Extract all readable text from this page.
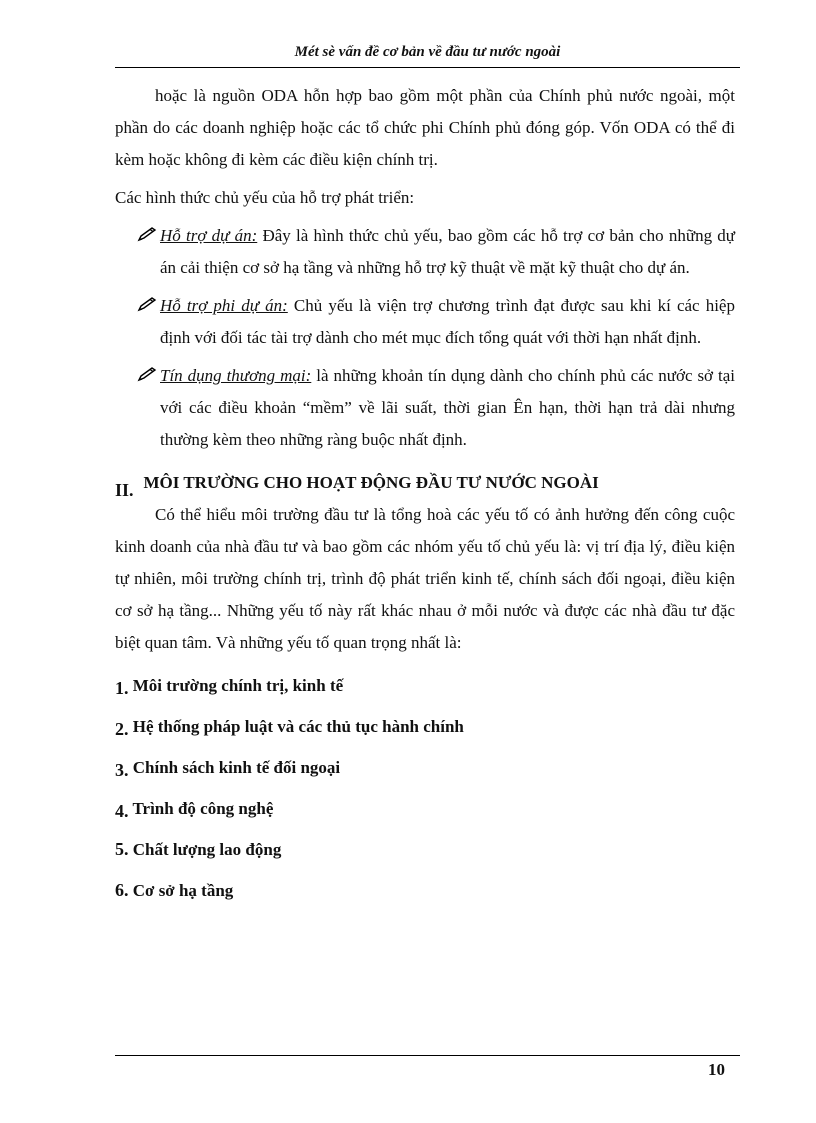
Mét sè vấn đề cơ bản về đầu tư nước ngoài

hoặc là nguồn ODA hỗn hợp bao gồm một phần của Chính phủ nước ngoài, một phần do các doanh nghiệp hoặc các tổ chức phi Chính phủ đóng góp. Vốn ODA có thể đi kèm hoặc không đi kèm các điều kiện chính trị.

Các hình thức chủ yếu của hỗ trợ phát triển:

Hỗ trợ dự án: Đây là hình thức chủ yếu, bao gồm các hỗ trợ cơ bản cho những dự án cải thiện cơ sở hạ tầng và những hỗ trợ kỹ thuật về mặt kỹ thuật cho dự án.

Hỗ trợ phi dự án: Chủ yếu là viện trợ chương trình đạt được sau khi kí các hiệp định với đối tác tài trợ dành cho mét mục đích tổng quát với thời hạn nhất định.

Tín dụng thương mại: là những khoản tín dụng dành cho chính phủ các nước sở tại với các điều khoản “mềm” về lãi suất, thời gian Ên hạn, thời hạn trả dài nhưng thường kèm theo những ràng buộc nhất định.

II. MÔI TRƯỜNG CHO HOẠT ĐỘNG ĐẦU TƯ NƯỚC NGOÀI

Có thể hiểu môi trường đầu tư là tổng hoà các yếu tố có ảnh hưởng đến công cuộc kinh doanh của nhà đầu tư và bao gồm các nhóm yếu tố chủ yếu là: vị trí địa lý, điều kiện tự nhiên, môi trường chính trị, trình độ phát triển kinh tế, chính sách đối ngoại, điều kiện cơ sở hạ tầng... Những yếu tố này rất khác nhau ở mỗi nước và được các nhà đầu tư đặc biệt quan tâm. Và những yếu tố quan trọng nhất là:

1. Môi trường chính trị, kinh tế
2. Hệ thống pháp luật và các thủ tục hành chính
3. Chính sách kinh tế đối ngoại
4. Trình độ công nghệ
5. Chất lượng lao động
6. Cơ sở hạ tầng
10
